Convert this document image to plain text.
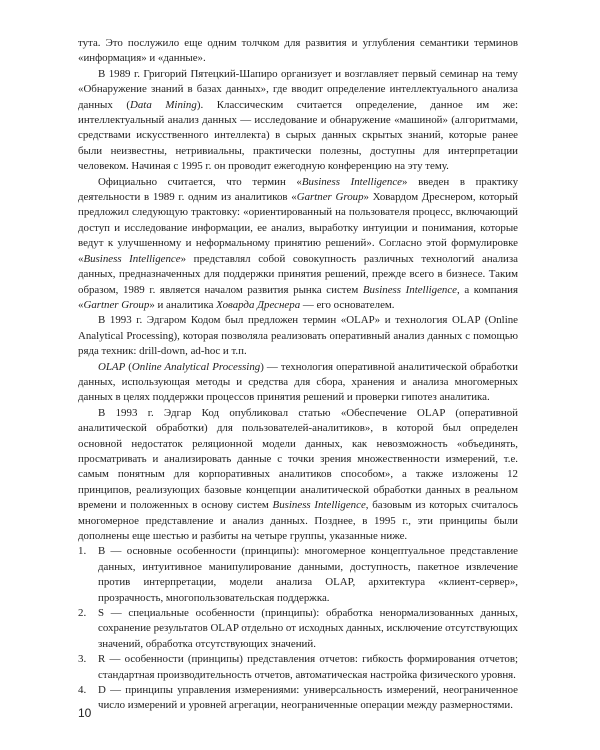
тута. Это послужило еще одним толчком для развития и углубления семантики терминов «информация» и «данные».

В 1989 г. Григорий Пятецкий-Шапиро организует и возглавляет первый семинар на тему «Обнаружение знаний в базах данных», где вводит определение интеллектуального анализа данных (Data Mining). Классическим считается определение, данное им же: интеллектуальный анализ данных — исследование и обнаружение «машиной» (алгоритмами, средствами искусственного интеллекта) в сырых данных скрытых знаний, которые ранее были неизвестны, нетривиальны, практически полезны, доступны для интерпретации человеком. Начиная с 1995 г. он проводит ежегодную конференцию на эту тему.

Официально считается, что термин «Business Intelligence» введен в практику деятельности в 1989 г. одним из аналитиков «Gartner Group» Ховардом Дреснером, который предложил следующую трактовку: «ориентированный на пользователя процесс, включающий доступ и исследование информации, ее анализ, выработку интуиции и понимания, которые ведут к улучшенному и неформальному принятию решений». Согласно этой формулировке «Business Intelligence» представлял собой совокупность различных технологий анализа данных, предназначенных для поддержки принятия решений, прежде всего в бизнесе. Таким образом, 1989 г. является началом развития рынка систем Business Intelligence, а компания «Gartner Group» и аналитика Ховарда Дреснера — его основателем.

В 1993 г. Эдгаром Кодом был предложен термин «OLAP» и технология OLAP (Online Analytical Processing), которая позволяла реализовать оперативный анализ данных с помощью ряда техник: drill-down, ad-hoc и т.п.

OLAP (Online Analytical Processing) — технология оперативной аналитической обработки данных, использующая методы и средства для сбора, хранения и анализа многомерных данных в целях поддержки процессов принятия решений и проверки гипотез аналитика.

В 1993 г. Эдгар Код опубликовал статью «Обеспечение OLAP (оперативной аналитической обработки) для пользователей-аналитиков», в которой был определен основной недостаток реляционной модели данных, как невозможность «объединять, просматривать и анализировать данные с точки зрения множественности измерений, т.е. самым понятным для корпоративных аналитиков способом», а также изложены 12 принципов, реализующих базовые концепции аналитической обработки данных в реальном времени и положенных в основу систем Business Intelligence, базовым из которых считалось многомерное представление и анализ данных. Позднее, в 1995 г., эти принципы были дополнены еще шестью и разбиты на четыре группы, указанные ниже.

1. B — основные особенности (принципы): многомерное концептуальное представление данных, интуитивное манипулирование данными, доступность, пакетное извлечение против интерпретации, модели анализа OLAP, архитектура «клиент-сервер», прозрачность, многопользовательская поддержка.
2. S — специальные особенности (принципы): обработка ненормализованных данных, сохранение результатов OLAP отдельно от исходных данных, исключение отсутствующих значений, обработка отсутствующих значений.
3. R — особенности (принципы) представления отчетов: гибкость формирования отчетов; стандартная производительность отчетов, автоматическая настройка физического уровня.
4. D — принципы управления измерениями: универсальность измерений, неограниченное число измерений и уровней агрегации, неограниченные операции между размерностями.
10
